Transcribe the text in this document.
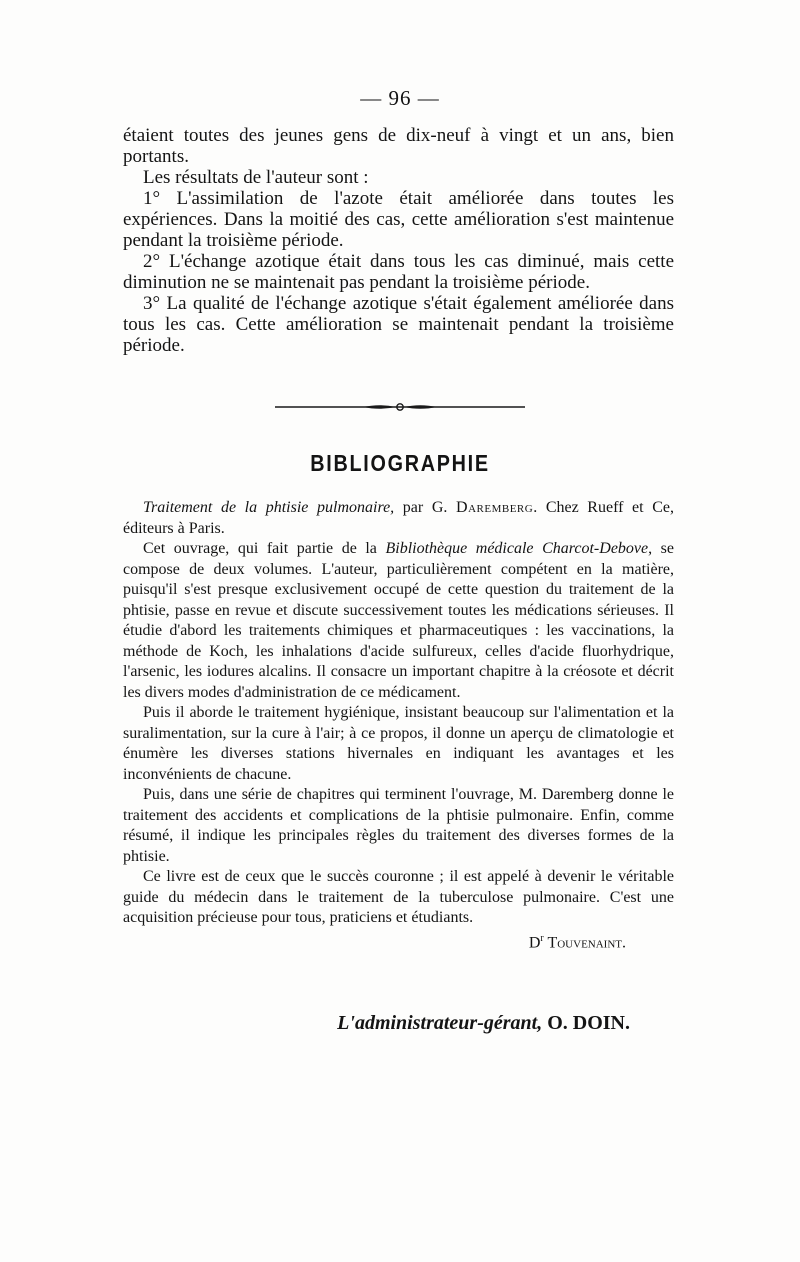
— 96 —

étaient toutes des jeunes gens de dix-neuf à vingt et un ans, bien portants.

Les résultats de l'auteur sont :

1° L'assimilation de l'azote était améliorée dans toutes les expériences. Dans la moitié des cas, cette amélioration s'est maintenue pendant la troisième période.

2° L'échange azotique était dans tous les cas diminué, mais cette diminution ne se maintenait pas pendant la troisième période.

3° La qualité de l'échange azotique s'était également améliorée dans tous les cas. Cette amélioration se maintenait pendant la troisième période.

BIBLIOGRAPHIE

Traitement de la phtisie pulmonaire, par G. Daremberg. Chez Rueff et Ce, éditeurs à Paris.

Cet ouvrage, qui fait partie de la Bibliothèque médicale Charcot-Debove, se compose de deux volumes. L'auteur, particulièrement compétent en la matière, puisqu'il s'est presque exclusivement occupé de cette question du traitement de la phtisie, passe en revue et discute successivement toutes les médications sérieuses. Il étudie d'abord les traitements chimiques et pharmaceutiques : les vaccinations, la méthode de Koch, les inhalations d'acide sulfureux, celles d'acide fluorhydrique, l'arsenic, les iodures alcalins. Il consacre un important chapitre à la créosote et décrit les divers modes d'administration de ce médicament.

Puis il aborde le traitement hygiénique, insistant beaucoup sur l'alimentation et la suralimentation, sur la cure à l'air; à ce propos, il donne un aperçu de climatologie et énumère les diverses stations hivernales en indiquant les avantages et les inconvénients de chacune.

Puis, dans une série de chapitres qui terminent l'ouvrage, M. Daremberg donne le traitement des accidents et complications de la phtisie pulmonaire. Enfin, comme résumé, il indique les principales règles du traitement des diverses formes de la phtisie.

Ce livre est de ceux que le succès couronne ; il est appelé à devenir le véritable guide du médecin dans le traitement de la tuberculose pulmonaire. C'est une acquisition précieuse pour tous, praticiens et étudiants.

$D^r$ Touvenaint.

L'administrateur-gérant, O. DOIN.
